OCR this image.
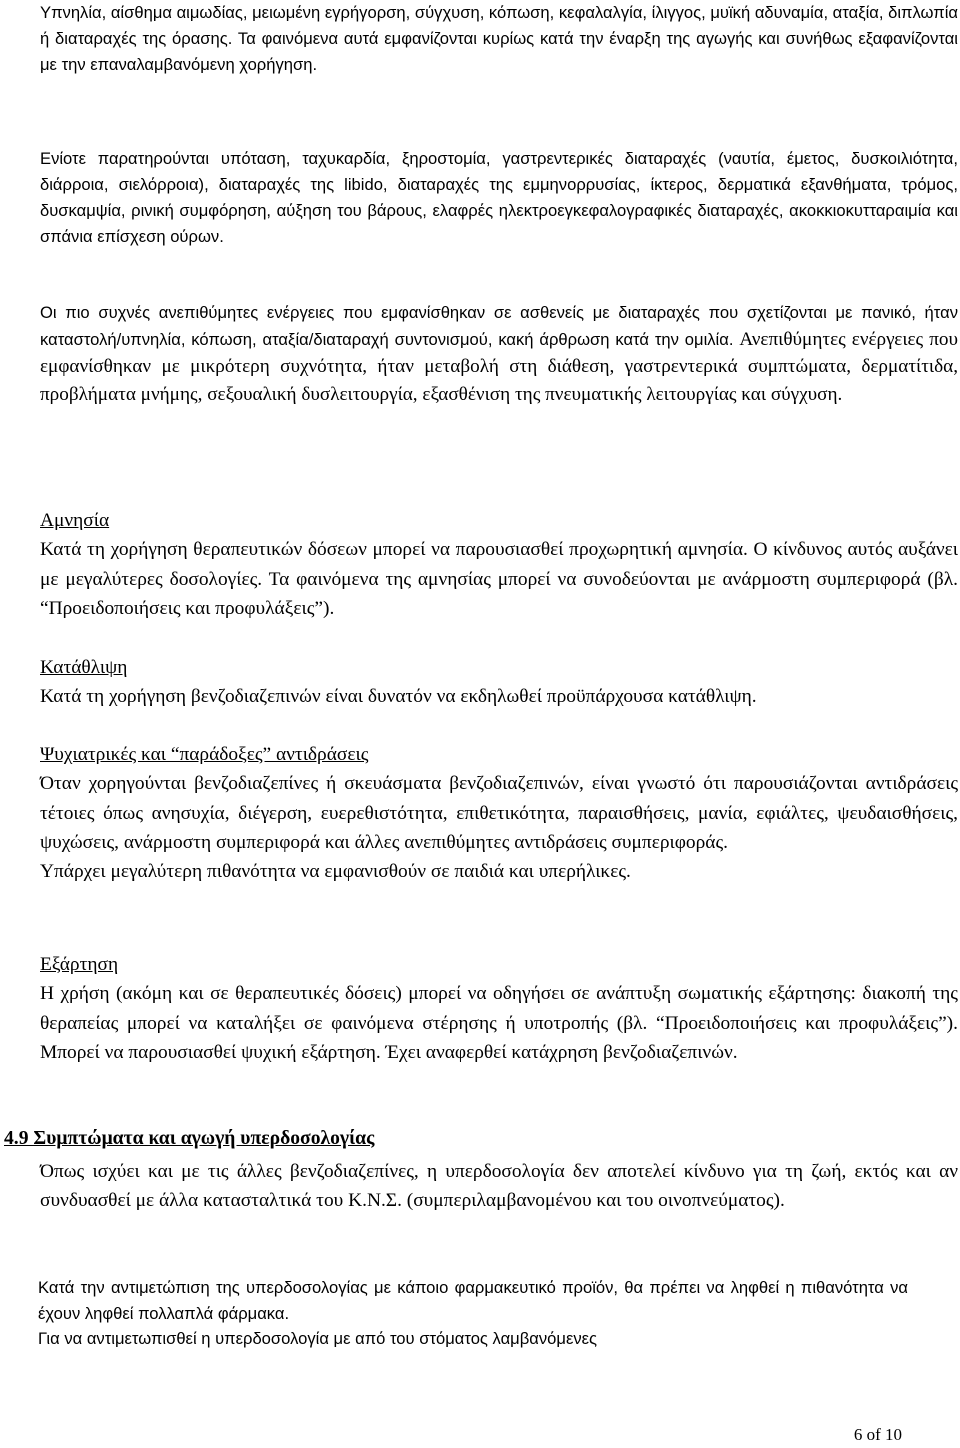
Υπνηλία, αίσθημα αιμωδίας, μειωμένη εγρήγορση, σύγχυση, κόπωση, κεφαλαλγία, ίλιγγος, μυϊκή αδυναμία, αταξία, διπλωπία ή διαταραχές της όρασης. Τα φαινόμενα αυτά εμφανίζονται κυρίως κατά την έναρξη της αγωγής και συνήθως εξαφανίζονται με την επαναλαμβανόμενη χορήγηση.

Ενίοτε παρατηρούνται υπόταση, ταχυκαρδία, ξηροστομία, γαστρεντερικές διαταραχές (ναυτία, έμετος, δυσκοιλιότητα, διάρροια, σιελόρροια), διαταραχές της libido, διαταραχές της εμμηνορρυσίας, ίκτερος, δερματικά εξανθήματα, τρόμος, δυσκαμψία, ρινική συμφόρηση, αύξηση του βάρους, ελαφρές ηλεκτροεγκεφαλογραφικές διαταραχές, ακοκκιοκυτταραιμία και σπάνια επίσχεση ούρων.

Οι πιο συχνές ανεπιθύμητες ενέργειες που εμφανίσθηκαν σε ασθενείς με διαταραχές που σχετίζονται με πανικό, ήταν καταστολή/υπνηλία, κόπωση, αταξία/διαταραχή συντονισμού, κακή άρθρωση κατά την ομιλία. Ανεπιθύμητες ενέργειες που εμφανίσθηκαν με μικρότερη συχνότητα, ήταν μεταβολή στη διάθεση, γαστρεντερικά συμπτώματα, δερματίτιδα, προβλήματα μνήμης, σεξουαλική δυσλειτουργία, εξασθένιση της πνευματικής λειτουργίας και σύγχυση.

Αμνησία

Κατά τη χορήγηση θεραπευτικών δόσεων μπορεί να παρουσιασθεί προχωρητική αμνησία. Ο κίνδυνος αυτός αυξάνει με μεγαλύτερες δοσολογίες. Τα φαινόμενα της αμνησίας μπορεί να συνοδεύονται με ανάρμοστη συμπεριφορά (βλ. “Προειδοποιήσεις και προφυλάξεις”).

Κατάθλιψη

Κατά τη χορήγηση βενζοδιαζεπινών είναι δυνατόν να εκδηλωθεί προϋπάρχουσα κατάθλιψη.

Ψυχιατρικές και “παράδοξες” αντιδράσεις

Όταν χορηγούνται βενζοδιαζεπίνες ή σκευάσματα βενζοδιαζεπινών, είναι γνωστό ότι παρουσιάζονται αντιδράσεις τέτοιες όπως ανησυχία, διέγερση, ευερεθιστότητα, επιθετικότητα, παραισθήσεις, μανία, εφιάλτες, ψευδαισθήσεις, ψυχώσεις, ανάρμοστη συμπεριφορά και άλλες ανεπιθύμητες αντιδράσεις συμπεριφοράς.

Υπάρχει μεγαλύτερη πιθανότητα να εμφανισθούν σε παιδιά και υπερήλικες.

Εξάρτηση

Η χρήση (ακόμη και σε θεραπευτικές δόσεις) μπορεί να οδηγήσει σε ανάπτυξη σωματικής εξάρτησης: διακοπή της θεραπείας μπορεί να καταλήξει σε φαινόμενα στέρησης ή υποτροπής (βλ. “Προειδοποιήσεις και προφυλάξεις”). Μπορεί να παρουσιασθεί ψυχική εξάρτηση. Έχει αναφερθεί κατάχρηση βενζοδιαζεπινών.

4.9 Συμπτώματα και αγωγή υπερδοσολογίας

Όπως ισχύει και με τις άλλες βενζοδιαζεπίνες, η υπερδοσολογία δεν αποτελεί κίνδυνο για τη ζωή, εκτός και αν συνδυασθεί με άλλα κατασταλτικά του Κ.Ν.Σ. (συμπεριλαμβανομένου και του οινοπνεύματος).

Κατά την αντιμετώπιση της υπερδοσολογίας με κάποιο φαρμακευτικό προϊόν, θα πρέπει να ληφθεί η πιθανότητα να έχουν ληφθεί πολλαπλά φάρμακα.

Για να αντιμετωπισθεί η υπερδοσολογία με από του στόματος λαμβανόμενες

6 of 10
